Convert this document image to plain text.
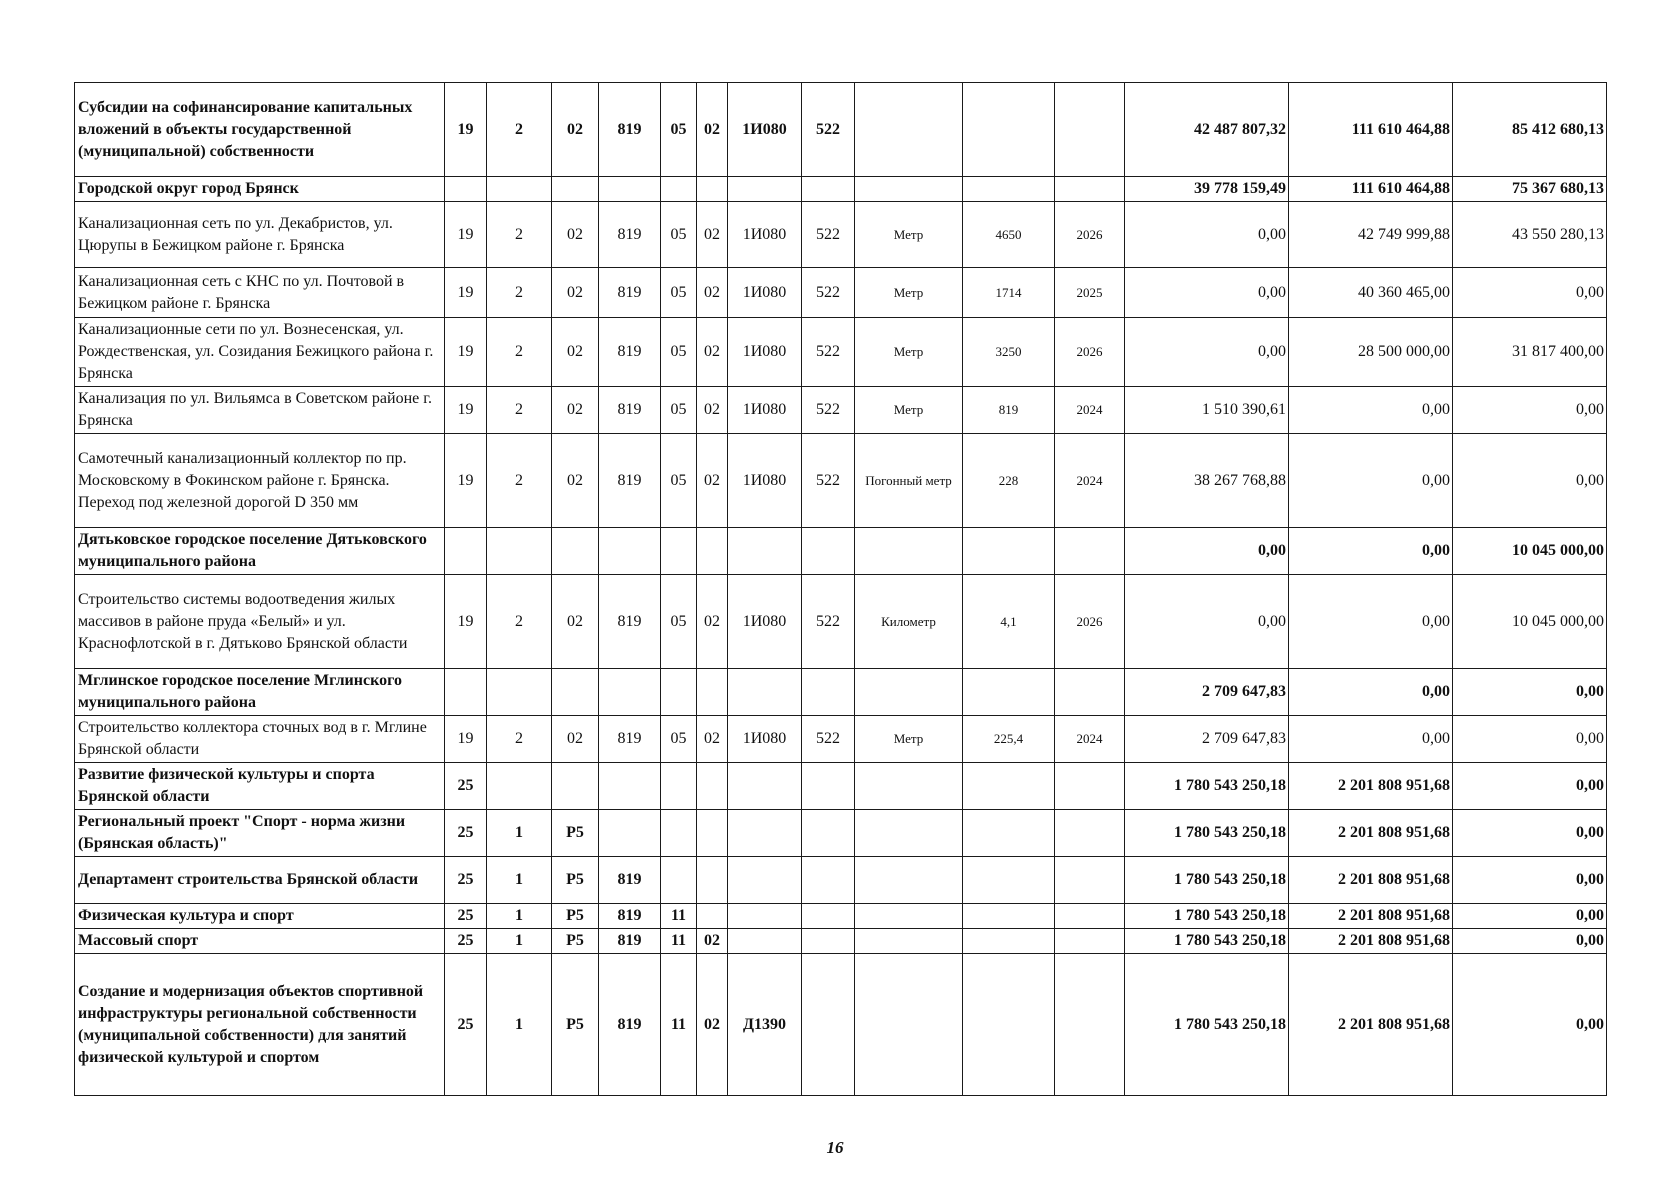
Субсидии на софинансирование капитальных вложений в объекты государственной (муниципальной) собственности	19	2	02	819	05	02	1И080	522				42 487 807,32	111 610 464,88	85 412 680,13
Городской округ город Брянск												39 778 159,49	111 610 464,88	75 367 680,13
Канализационная сеть по ул. Декабристов, ул. Цюрупы в Бежицком районе г. Брянска	19	2	02	819	05	02	1И080	522	Метр	4650	2026	0,00	42 749 999,88	43 550 280,13
Канализационная сеть с КНС по ул. Почтовой в Бежицком районе г. Брянска	19	2	02	819	05	02	1И080	522	Метр	1714	2025	0,00	40 360 465,00	0,00
Канализационные сети по ул. Вознесенская, ул. Рождественская, ул. Созидания Бежицкого района г. Брянска	19	2	02	819	05	02	1И080	522	Метр	3250	2026	0,00	28 500 000,00	31 817 400,00
Канализация по ул. Вильямса в Советском районе г. Брянска	19	2	02	819	05	02	1И080	522	Метр	819	2024	1 510 390,61	0,00	0,00
Самотечный канализационный коллектор по пр. Московскому в Фокинском районе г. Брянска. Переход под железной дорогой D 350 мм	19	2	02	819	05	02	1И080	522	Погонный метр	228	2024	38 267 768,88	0,00	0,00
Дятьковское городское поселение Дятьковского муниципального района												0,00	0,00	10 045 000,00
Строительство системы водоотведения жилых массивов в районе пруда «Белый» и ул. Краснофлотской в г. Дятьково Брянской области	19	2	02	819	05	02	1И080	522	Километр	4,1	2026	0,00	0,00	10 045 000,00
Мглинское городское поселение Мглинского муниципального района												2 709 647,83	0,00	0,00
Строительство коллектора сточных вод в г. Мглине Брянской области	19	2	02	819	05	02	1И080	522	Метр	225,4	2024	2 709 647,83	0,00	0,00
Развитие физической культуры и спорта Брянской области	25											1 780 543 250,18	2 201 808 951,68	0,00
Региональный проект "Спорт - норма жизни (Брянская область)"	25	1	P5									1 780 543 250,18	2 201 808 951,68	0,00
Департамент строительства Брянской области	25	1	P5	819								1 780 543 250,18	2 201 808 951,68	0,00
Физическая культура и спорт	25	1	P5	819	11							1 780 543 250,18	2 201 808 951,68	0,00
Массовый спорт	25	1	P5	819	11	02						1 780 543 250,18	2 201 808 951,68	0,00
Создание и модернизация объектов спортивной инфраструктуры региональной собственности (муниципальной собственности) для занятий физической культурой и спортом	25	1	P5	819	11	02	Д1390					1 780 543 250,18	2 201 808 951,68	0,00
16
